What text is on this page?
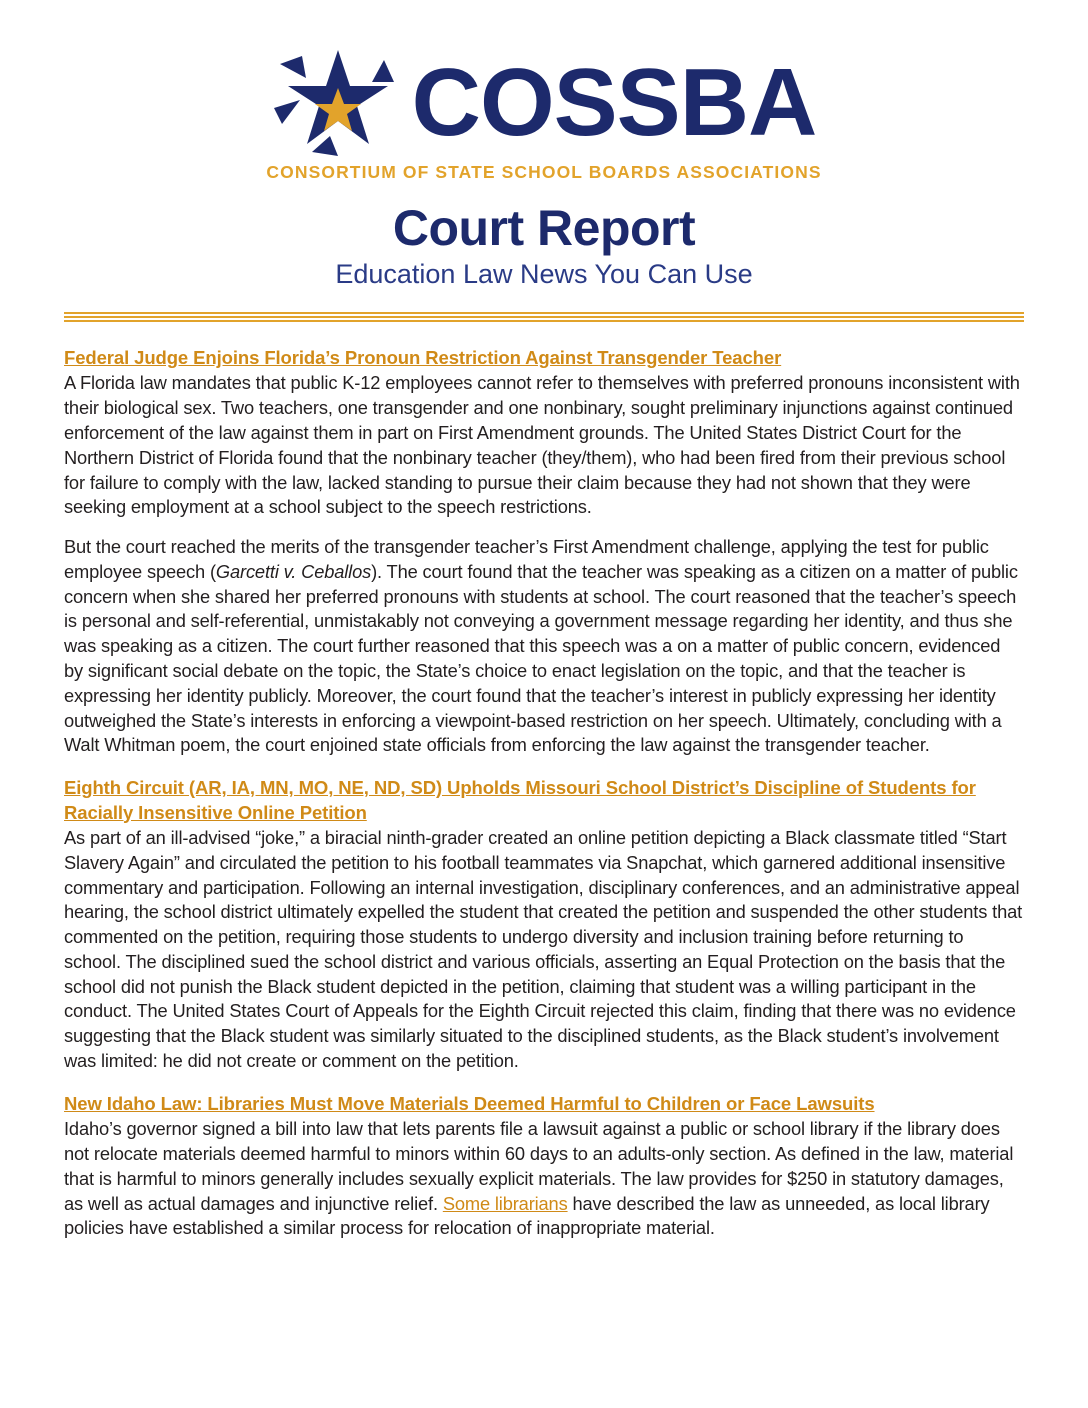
COSSBA
CONSORTIUM OF STATE SCHOOL BOARDS ASSOCIATIONS
Court Report
Education Law News You Can Use
Federal Judge Enjoins Florida’s Pronoun Restriction Against Transgender Teacher

A Florida law mandates that public K-12 employees cannot refer to themselves with preferred pronouns inconsistent with their biological sex. Two teachers, one transgender and one nonbinary, sought preliminary injunctions against continued enforcement of the law against them in part on First Amendment grounds. The United States District Court for the Northern District of Florida found that the nonbinary teacher (they/them), who had been fired from their previous school for failure to comply with the law, lacked standing to pursue their claim because they had not shown that they were seeking employment at a school subject to the speech restrictions.

But the court reached the merits of the transgender teacher’s First Amendment challenge, applying the test for public employee speech (Garcetti v. Ceballos). The court found that the teacher was speaking as a citizen on a matter of public concern when she shared her preferred pronouns with students at school. The court reasoned that the teacher’s speech is personal and self-referential, unmistakably not conveying a government message regarding her identity, and thus she was speaking as a citizen. The court further reasoned that this speech was a on a matter of public concern, evidenced by significant social debate on the topic, the State’s choice to enact legislation on the topic, and that the teacher is expressing her identity publicly. Moreover, the court found that the teacher’s interest in publicly expressing her identity outweighed the State’s interests in enforcing a viewpoint-based restriction on her speech. Ultimately, concluding with a Walt Whitman poem, the court enjoined state officials from enforcing the law against the transgender teacher.

Eighth Circuit (AR, IA, MN, MO, NE, ND, SD) Upholds Missouri School District’s Discipline of Students for Racially Insensitive Online Petition

As part of an ill-advised “joke,” a biracial ninth-grader created an online petition depicting a Black classmate titled “Start Slavery Again” and circulated the petition to his football teammates via Snapchat, which garnered additional insensitive commentary and participation. Following an internal investigation, disciplinary conferences, and an administrative appeal hearing, the school district ultimately expelled the student that created the petition and suspended the other students that commented on the petition, requiring those students to undergo diversity and inclusion training before returning to school. The disciplined sued the school district and various officials, asserting an Equal Protection on the basis that the school did not punish the Black student depicted in the petition, claiming that student was a willing participant in the conduct. The United States Court of Appeals for the Eighth Circuit rejected this claim, finding that there was no evidence suggesting that the Black student was similarly situated to the disciplined students, as the Black student’s involvement was limited: he did not create or comment on the petition.

New Idaho Law: Libraries Must Move Materials Deemed Harmful to Children or Face Lawsuits

Idaho’s governor signed a bill into law that lets parents file a lawsuit against a public or school library if the library does not relocate materials deemed harmful to minors within 60 days to an adults-only section. As defined in the law, material that is harmful to minors generally includes sexually explicit materials. The law provides for $250 in statutory damages, as well as actual damages and injunctive relief. Some librarians have described the law as unneeded, as local library policies have established a similar process for relocation of inappropriate material.
